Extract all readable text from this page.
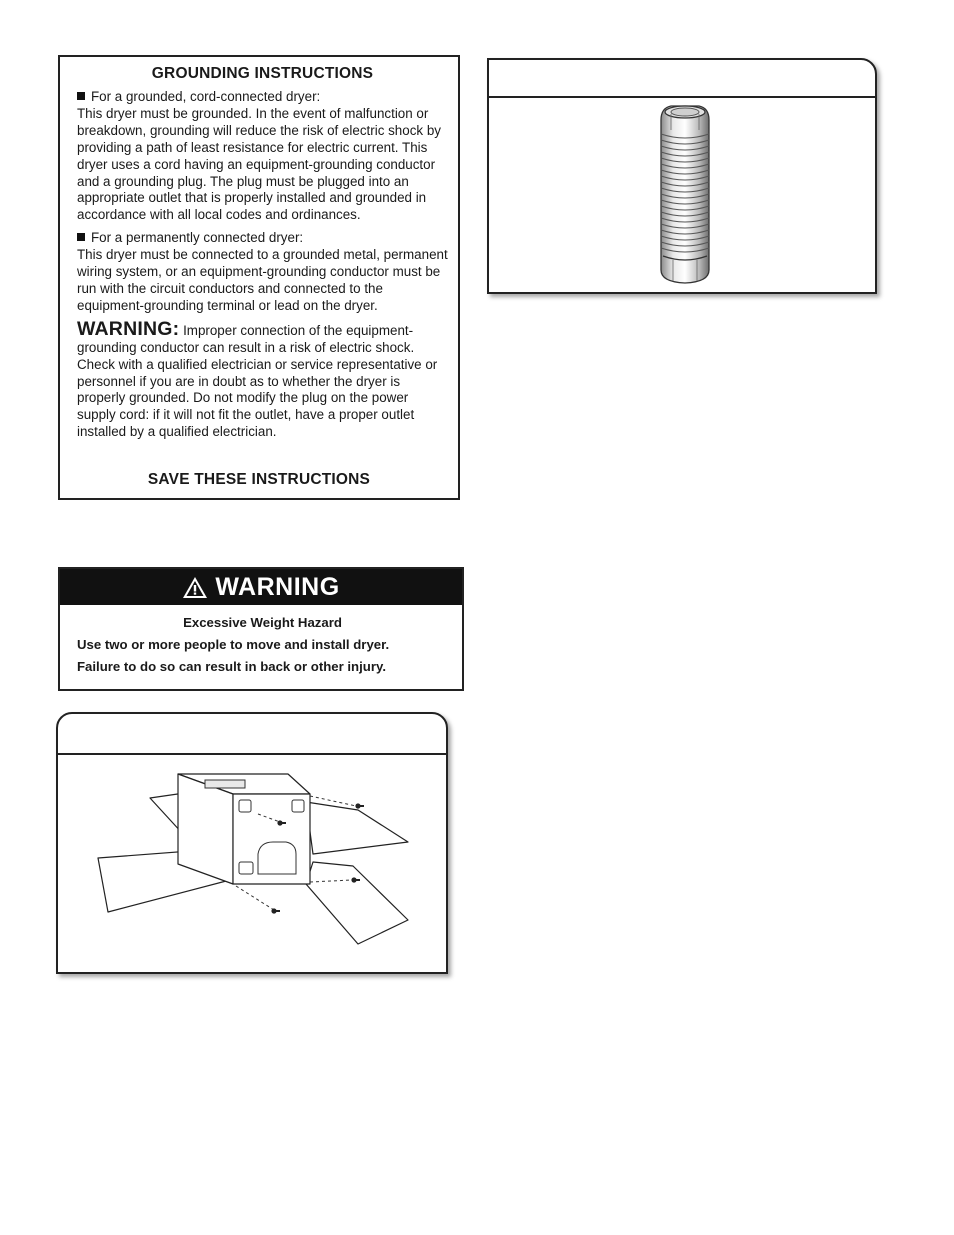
GROUNDING INSTRUCTIONS

For a grounded, cord-connected dryer:
This dryer must be grounded. In the event of malfunction or breakdown, grounding will reduce the risk of electric shock by providing a path of least resistance for electric current. This dryer uses a cord having an equipment-grounding conductor and a grounding plug. The plug must be plugged into an appropriate outlet that is properly installed and grounded in accordance with all local codes and ordinances.

For a permanently connected dryer:
This dryer must be connected to a grounded metal, permanent wiring system, or an equipment-grounding conductor must be run with the circuit conductors and connected to the equipment-grounding terminal or lead on the dryer.

WARNING: Improper connection of the equipment-grounding conductor can result in a risk of electric shock. Check with a qualified electrician or service representative or personnel if you are in doubt as to whether the dryer is properly grounded. Do not modify the plug on the power supply cord: if it will not fit the outlet, have a proper outlet installed by a qualified electrician.

SAVE THESE INSTRUCTIONS
WARNING
Excessive Weight Hazard
Use two or more people to move and install dryer.
Failure to do so can result in back or other injury.
